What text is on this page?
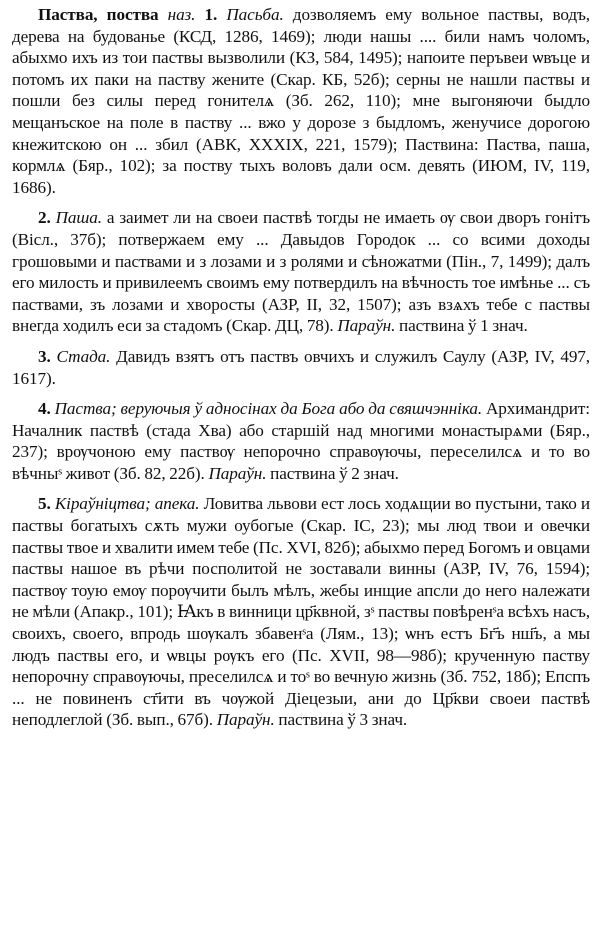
Паства, поства наз. 1. Пасьба. дозволяемъ ему вольное паствы, водъ, дерева на будованье (КСД, 1286, 1469); люди нашы .... били намъ чоломъ, абыхмо ихъ из тои паствы вызволили (КЗ, 584, 1495); напоите перъвеи ѡвъце и потомъ их паки на паству жените (Скар. КБ, 52б); серны не нашли паствы и пошли без силы перед гонителѧ (Зб. 262, 110); мне выгоняючи быдло мещанъское на поле в паству ... вжо у дорозе з быдломъ, женучисе дорогою кнежитскою он ... збил (АВК, XXXIX, 221, 1579); Паствина: Паства, паша, кормлѧ (Бяр., 102); за поству тыхъ воловъ дали осм. девять (ИЮМ, IV, 119, 1686).

2. Паша. а заимет ли на своеи паствѣ тогды не имаеть ѹ свои дворъ гонітъ (Вісл., 37б); потвержаем ему ... Давыдов Городок ... со всими доходы грошовыми и паствами и з лозами и з ролями и сѣножатми (Пін., 7, 1499); далъ его милость и привилеемъ своимъ ему потвердилъ на вѣчность тое имѣнье ... съ паствами, зъ лозами и хворосты (АЗР, II, 32, 1507); азъ взѧхъ тебе с паствы внегда ходилъ еси за стадомъ (Скар. ДЦ, 78). Параўн. паствина ў 1 знач.

3. Стада. Давидъ взятъ отъ паствъ овчихъ и служилъ Саулу (АЗР, IV, 497, 1617).

4. Паства; веруючыя ў адносінах да Бога або да свяшчэнніка. Архимандрит: Началник паствѣ (стада Хва) або старшій над многими монастырѧми (Бяр., 237); врѹчоною ему паствѹ непорочно справѹючы, переселилсѧ и то вo вѣчныˢ живот (Зб. 82, 22б). Параўн. паствина ў 2 знач.

5. Кіраўніцтва; апека. Ловитва львови ест лось ходѧщии во пустыни, тако и паствы богатыхъ сѫть мужи оубогые (Скар. ІС, 23); мы люд твои и овечки паствы твое и хвалити имем тебе (Пс. XVI, 82б); абыхмо перед Богомъ и овцами паствы нашое въ рѣчи посполитой не зоставали винны (АЗР, IV, 76, 1594); паствѹ тоую емѹ порѹчити былъ мѣлъ, жебы инщие апсли до него належати не мѣли (Апакр., 101); Ꙗкъ в винници цр҃квной, зˢ паствы повѣренˢа всѣхъ насъ, своихъ, своего, впродь шѹкалъ збавенˢа (Лям., 13); ѡнъ естъ Бг҃ъ нш҃ъ, а мы людъ паствы его, и ѡвцы рѹкъ его (Пс. XVII, 98—98б); крученную паству непорочну справѹючы, преселилсѧ и тоˢ во вечную жизнь (Зб. 752, 18б); Епспъ ... не повиненъ ст҃ити въ чѹжой Діецезыи, ани до Цр҃кви своеи паствѣ неподлеглой (Зб. вып., 67б). Параўн. паствина ў 3 знач.
